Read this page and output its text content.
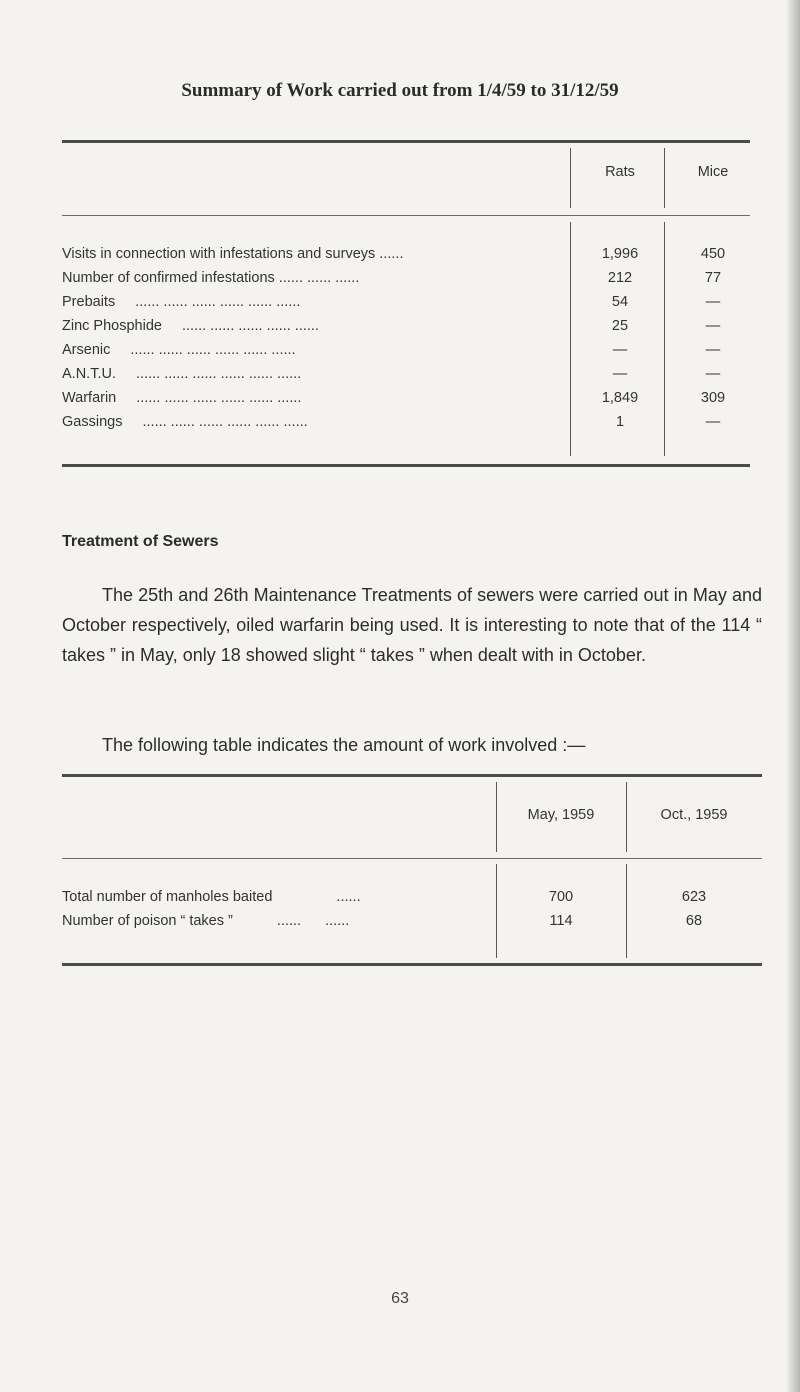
Summary of Work carried out from 1/4/59 to 31/12/59
Rats	Mice
Visits in connection with infestations and surveys ......	1,996	450
Number of confirmed infestations ...... ...... ......	212	77
Prebaits ...... ...... ...... ...... ...... ......	54	—
Zinc Phosphide ...... ...... ...... ...... ......	25	—
Arsenic ...... ...... ...... ...... ...... ......	—	—
A.N.T.U. ...... ...... ...... ...... ...... ......	—	—
Warfarin ...... ...... ...... ...... ...... ......	1,849	309
Gassings ...... ...... ...... ...... ...... ......	1	—
Treatment of Sewers
The 25th and 26th Maintenance Treatments of sewers were carried out in May and October respectively, oiled warfarin being used. It is interesting to note that of the 114 “ takes ” in May, only 18 showed slight “ takes ” when dealt with in October.
The following table indicates the amount of work involved :—
May, 1959	Oct., 1959
Total number of manholes baited	......	700	623
Number of poison “ takes ”	...... ......	114	68
63
